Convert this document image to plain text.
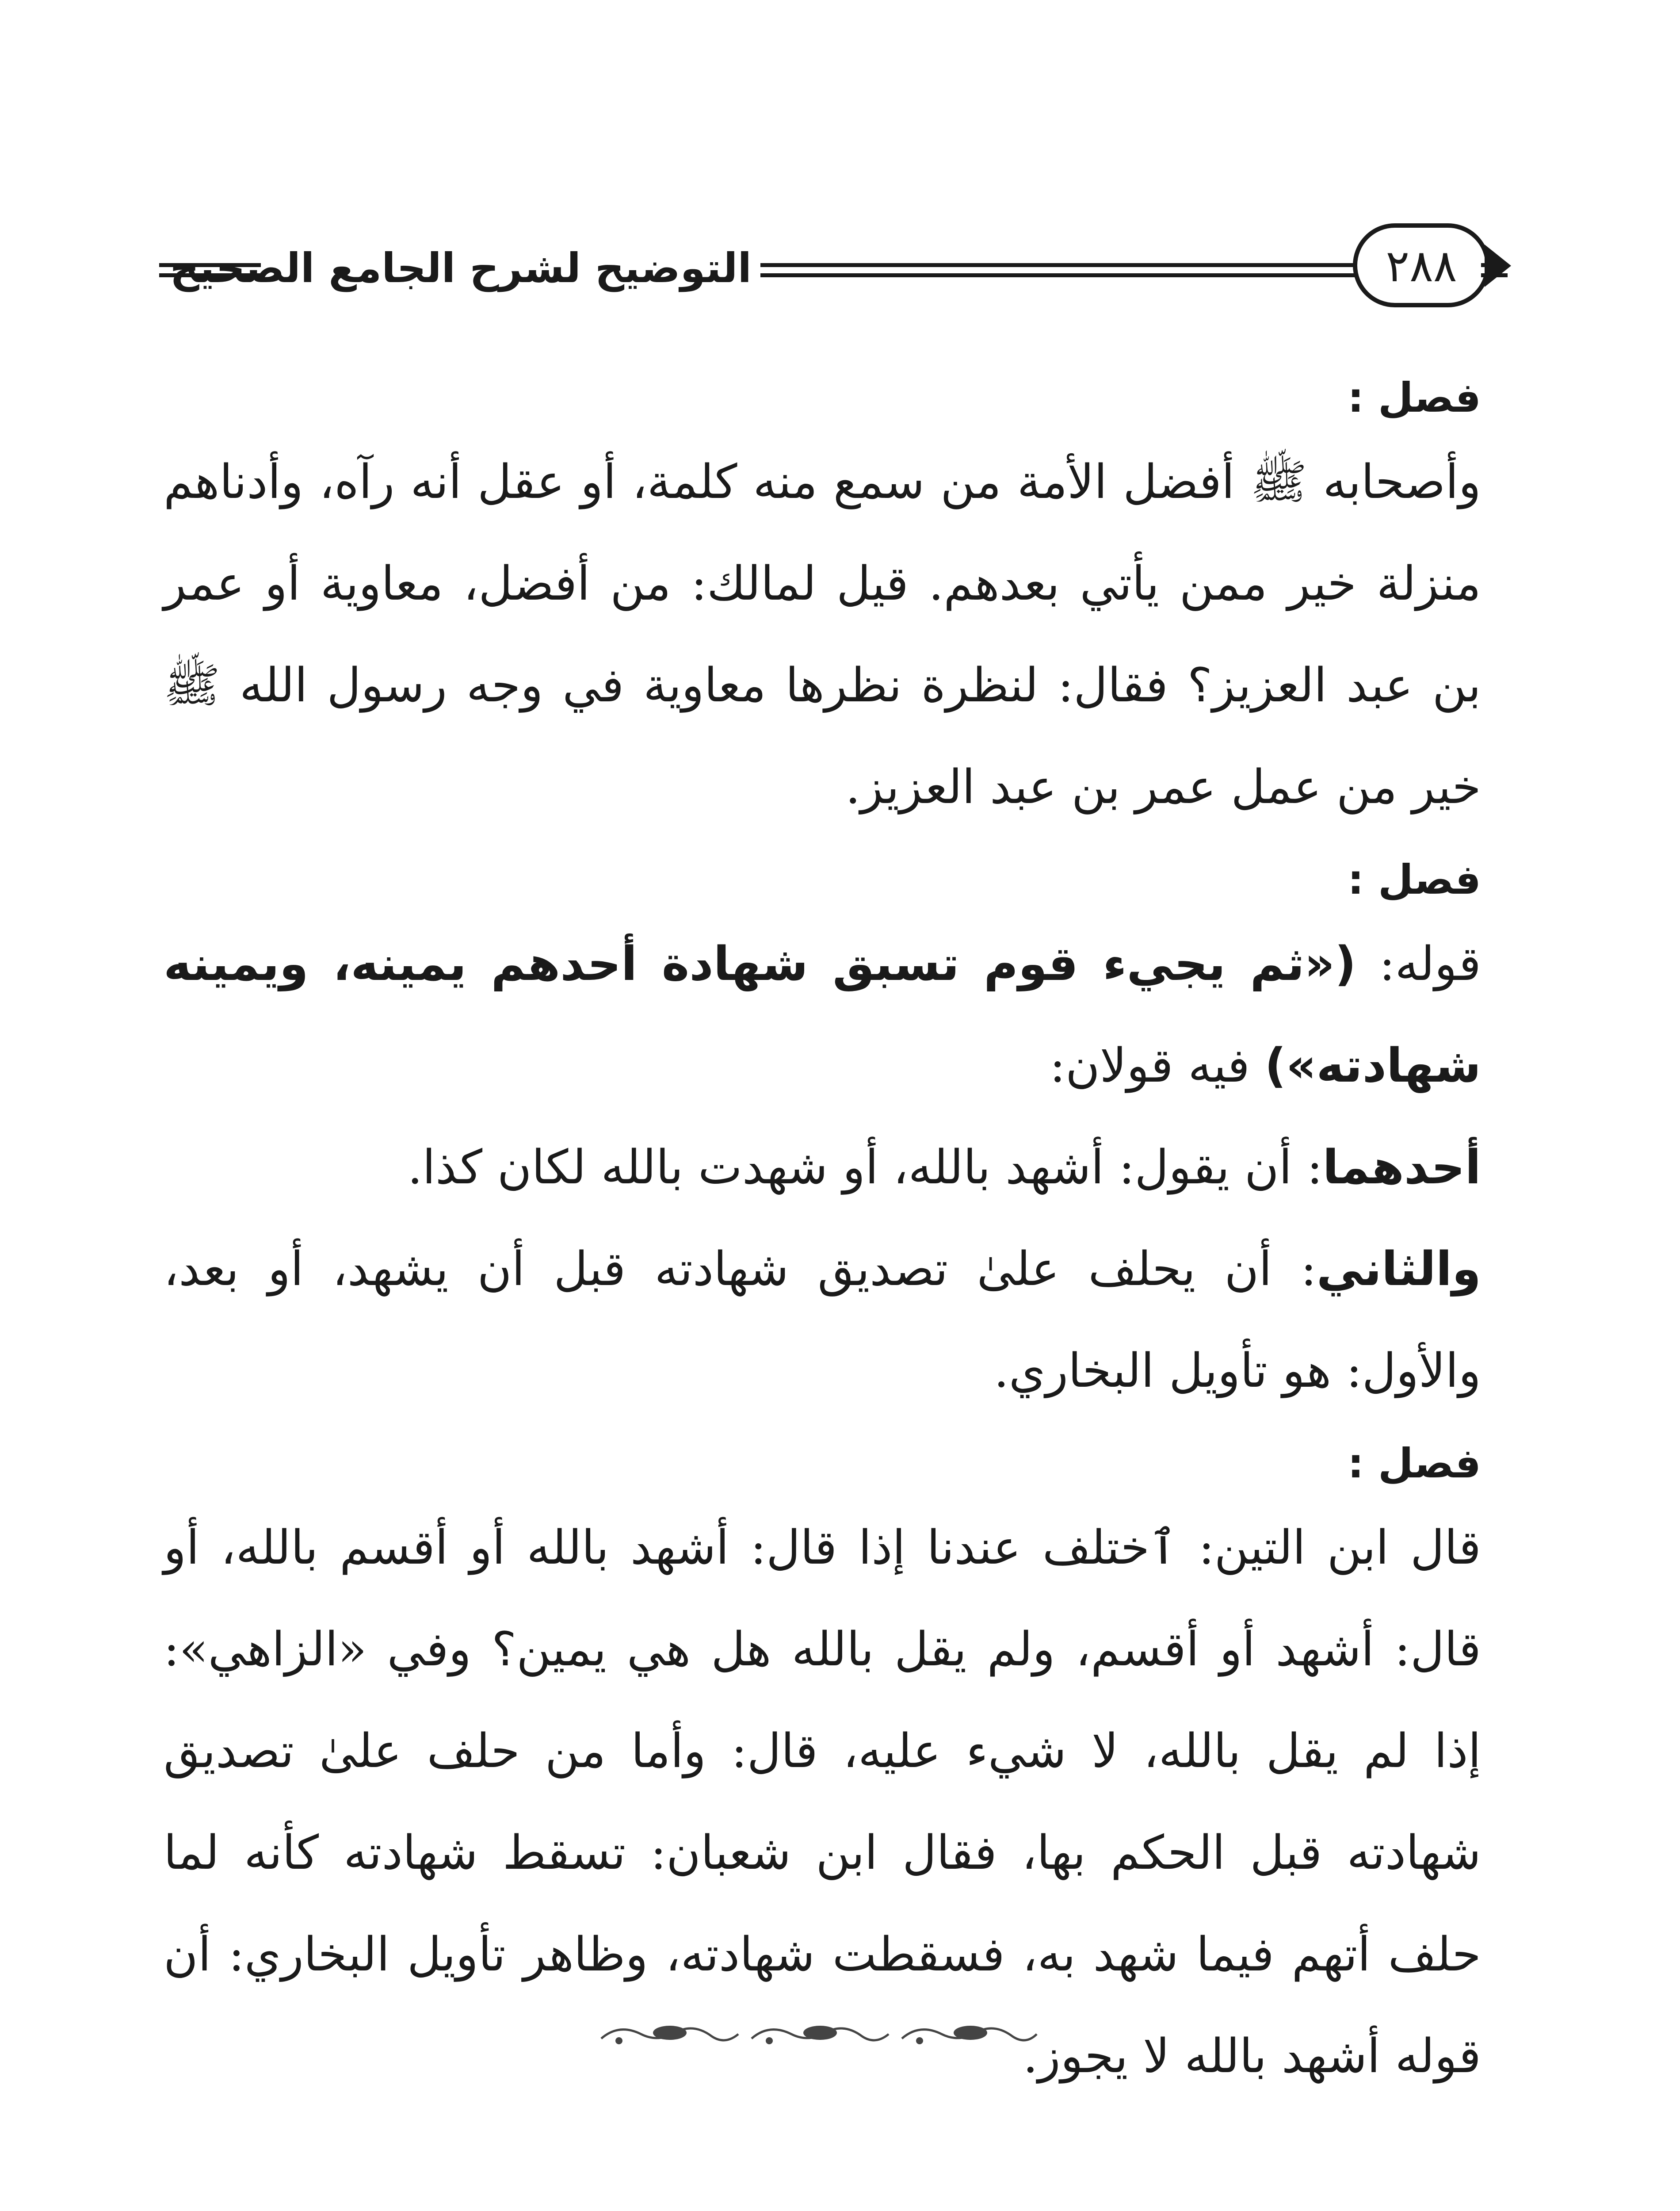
التوضيح لشرح الجامع الصحيح	٢٨٨
فصل :

وأصحابه ﷺ أفضل الأمة من سمع منه كلمة، أو عقل أنه رآه، وأدناهم منزلة خير ممن يأتي بعدهم. قيل لمالك: من أفضل، معاوية أو عمر بن عبد العزيز؟ فقال: لنظرة نظرها معاوية في وجه رسول الله ﷺ خير من عمل عمر بن عبد العزيز.

فصل :

قوله: («ثم يجيء قوم تسبق شهادة أحدهم يمينه، ويمينه شهادته») فيه قولان:

أحدهما: أن يقول: أشهد بالله، أو شهدت بالله لكان كذا.

والثاني: أن يحلف علىٰ تصديق شهادته قبل أن يشهد، أو بعد، والأول: هو تأويل البخاري.

فصل :

قال ابن التين: ٱختلف عندنا إذا قال: أشهد بالله أو أقسم بالله، أو قال: أشهد أو أقسم، ولم يقل بالله هل هي يمين؟ وفي «الزاهي»: إذا لم يقل بالله، لا شيء عليه، قال: وأما من حلف علىٰ تصديق شهادته قبل الحكم بها، فقال ابن شعبان: تسقط شهادته كأنه لما حلف أتهم فيما شهد به، فسقطت شهادته، وظاهر تأويل البخاري: أن قوله أشهد بالله لا يجوز.
